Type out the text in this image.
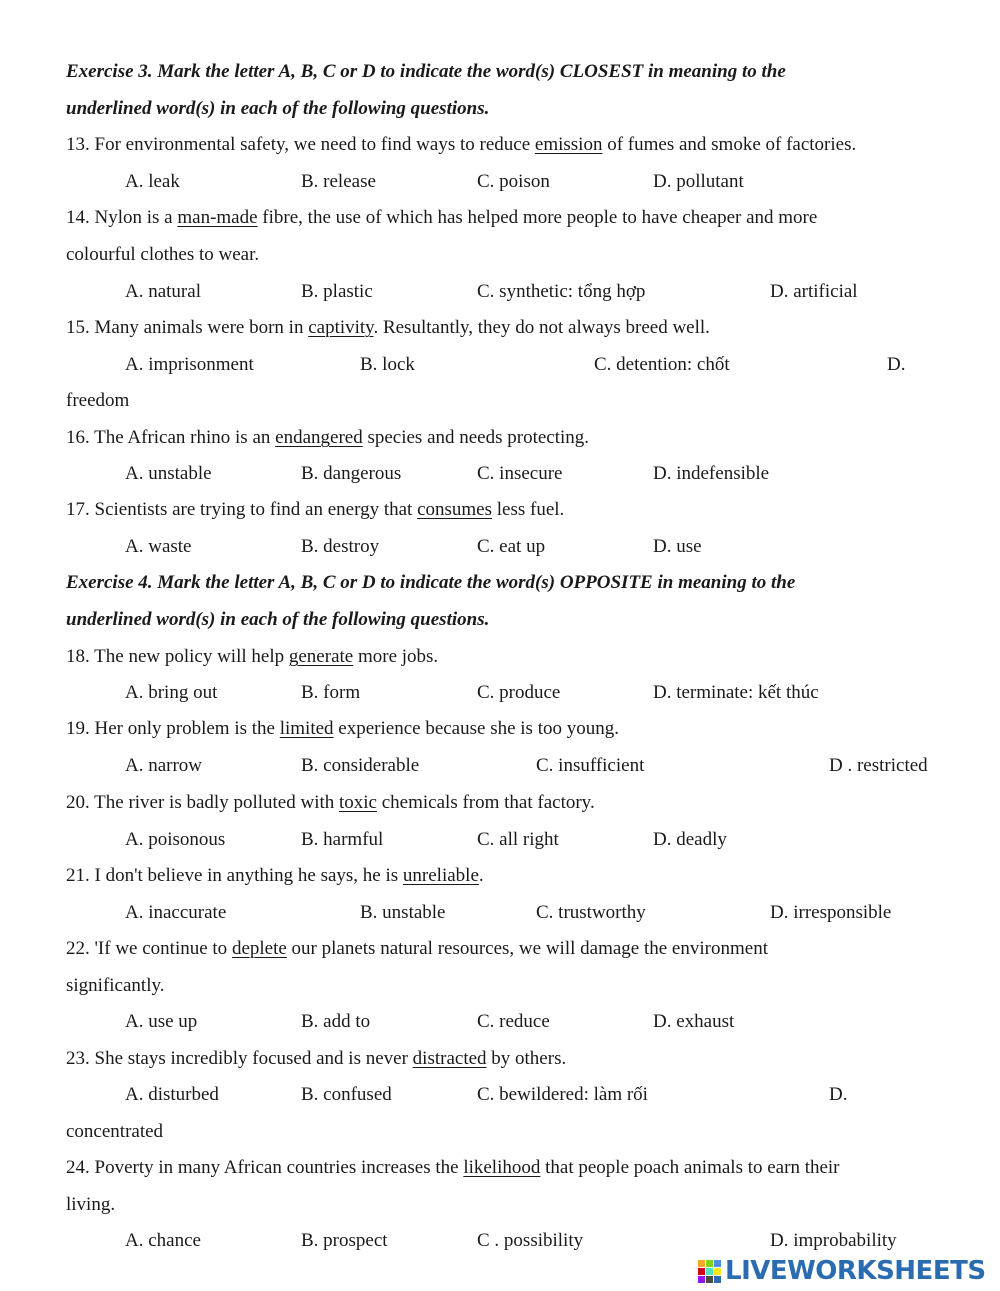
Exercise 3. Mark the letter A, B, C or D to indicate the word(s) CLOSEST in meaning to the
underlined word(s) in each of the following questions.
13. For environmental safety, we need to find ways to reduce emission of fumes and smoke of factories.
A. leak	B. release	C. poison	D. pollutant
14. Nylon is a man-made fibre, the use of which has helped more people to have cheaper and more
colourful clothes to wear.
A. natural	B. plastic	C. synthetic: tổng hợp	D. artificial
15. Many animals were born in captivity. Resultantly, they do not always breed well.
A. imprisonment	B. lock	C. detention: chốt	D.
freedom
16. The African rhino is an endangered species and needs protecting.
A. unstable	B. dangerous	C. insecure	D. indefensible
17. Scientists are trying to find an energy that consumes less fuel.
A. waste	B. destroy	C. eat up	D. use
Exercise 4. Mark the letter A, B, C or D to indicate the word(s) OPPOSITE in meaning to the
underlined word(s) in each of the following questions.
18. The new policy will help generate more jobs.
A. bring out	B. form	C. produce	D. terminate: kết thúc
19. Her only problem is the limited experience because she is too young.
A. narrow	B. considerable	C. insufficient	D . restricted
20. The river is badly polluted with toxic chemicals from that factory.
A. poisonous	B. harmful	C. all right	D. deadly
21. I don't believe in anything he says, he is unreliable.
A. inaccurate	B. unstable	C. trustworthy	D. irresponsible
22. 'If we continue to deplete our planets natural resources, we will damage the environment
significantly.
A. use up	B. add to	C. reduce	D. exhaust
23. She stays incredibly focused and is never distracted by others.
A. disturbed	B. confused	C. bewildered: làm rối	D.
concentrated
24. Poverty in many African countries increases the likelihood that people poach animals to earn their
living.
A. chance	B. prospect	C . possibility	D. improbability
LIVEWORKSHEETS
